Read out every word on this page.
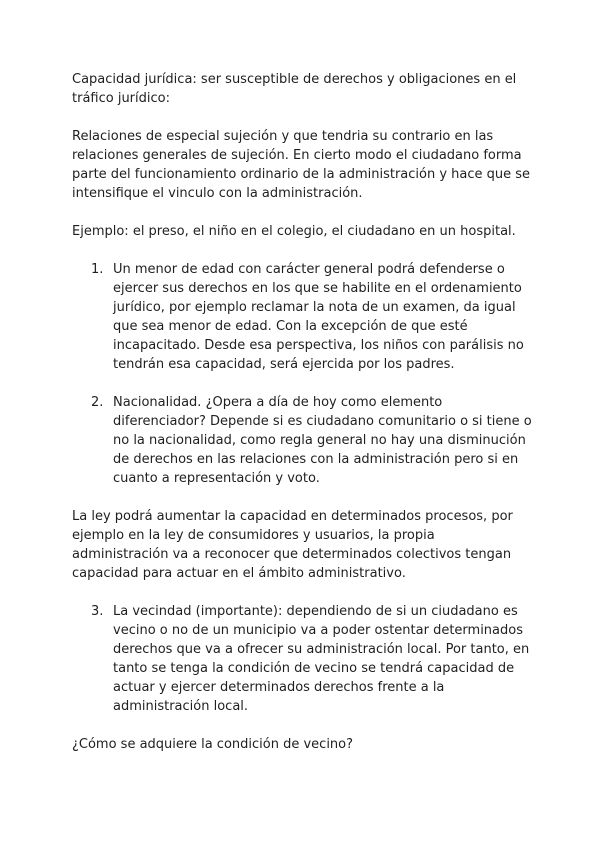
Capacidad jurídica: ser susceptible de derechos y obligaciones en el tráfico jurídico:

Relaciones de especial sujeción y que tendria su contrario en las relaciones generales de sujeción. En cierto modo el ciudadano forma parte del funcionamiento ordinario de la administración y hace que se intensifique el vinculo con la administración.

Ejemplo: el preso, el niño en el colegio, el ciudadano en un hospital.

1. Un menor de edad con carácter general podrá defenderse o ejercer sus derechos en los que se habilite en el ordenamiento jurídico, por ejemplo reclamar la nota de un examen, da igual que sea menor de edad. Con la excepción de que esté incapacitado. Desde esa perspectiva, los niños con parálisis no tendrán esa capacidad, será ejercida por los padres.
2. Nacionalidad. ¿Opera a día de hoy como elemento diferenciador? Depende si es ciudadano comunitario o si tiene o no la nacionalidad, como regla general no hay una disminución de derechos en las relaciones con la administración pero si en cuanto a representación y voto.

La ley podrá aumentar la capacidad en determinados procesos, por ejemplo en la ley de consumidores y usuarios, la propia administración va a reconocer que determinados colectivos tengan capacidad para actuar en el ámbito administrativo.

3. La vecindad (importante): dependiendo de si un ciudadano es vecino o no de un municipio va a poder ostentar determinados derechos que va a ofrecer su administración local. Por tanto, en tanto se tenga la condición de vecino se tendrá capacidad de actuar y ejercer determinados derechos frente a la administración local.

¿Cómo se adquiere la condición de vecino?
